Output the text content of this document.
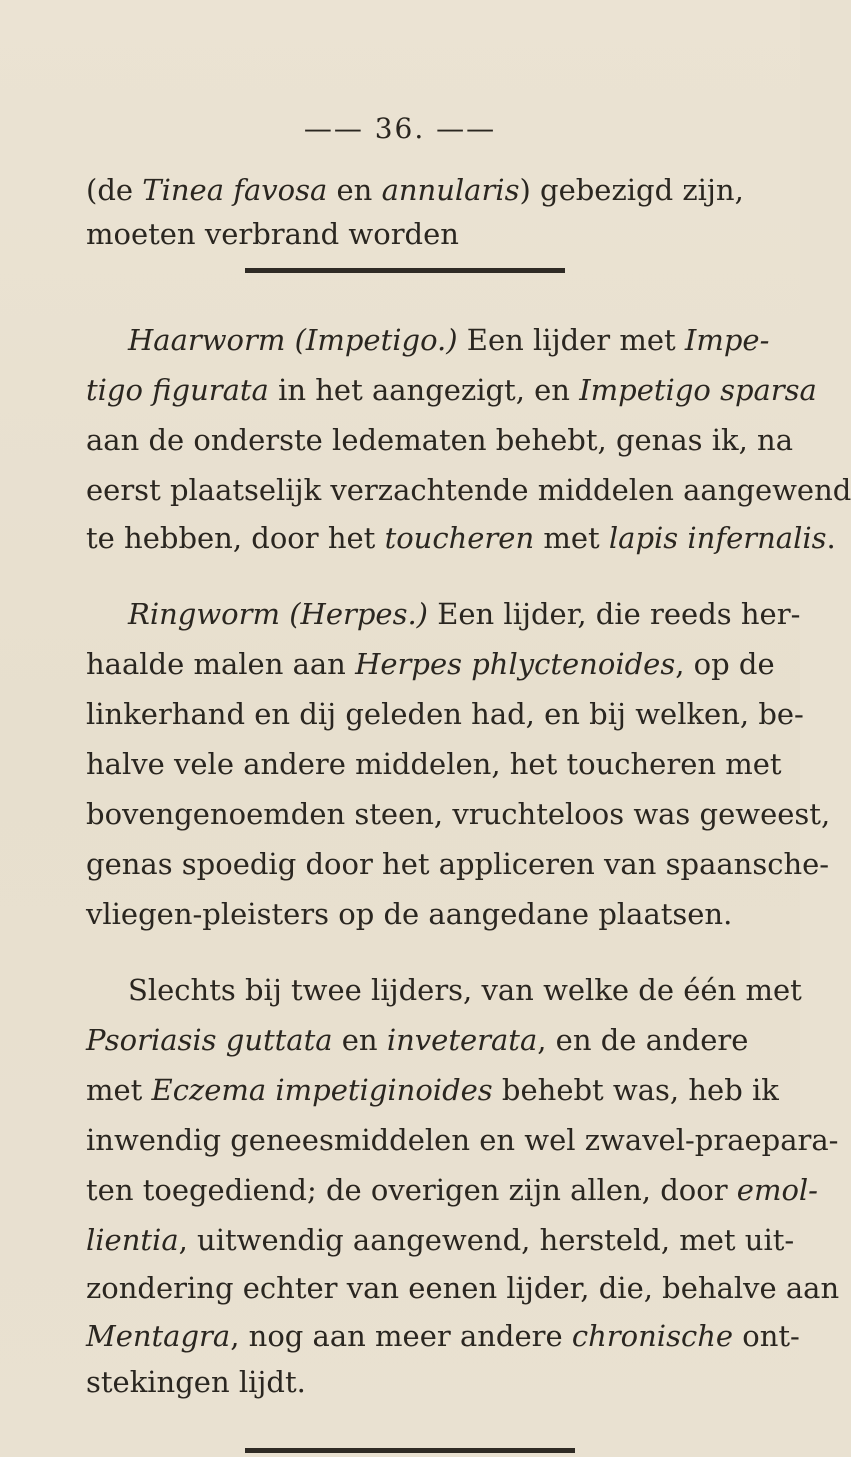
—— 36. ——
(de Tinea favosa en annularis) gebezigd zijn,
moeten verbrand worden
Haarworm (Impetigo.) Een lijder met Impe-
tigo figurata in het aangezigt, en Impetigo sparsa
aan de onderste ledematen behebt, genas ik, na
eerst plaatselijk verzachtende middelen aangewend
te hebben, door het toucheren met lapis infernalis.
Ringworm (Herpes.) Een lijder, die reeds her-
haalde malen aan Herpes phlyctenoides, op de
linkerhand en dij geleden had, en bij welken, be-
halve vele andere middelen, het toucheren met
bovengenoemden steen, vruchteloos was geweest,
genas spoedig door het appliceren van spaansche-
vliegen-pleisters op de aangedane plaatsen.
Slechts bij twee lijders, van welke de één met
Psoriasis guttata en inveterata, en de andere
met Eczema impetiginoides behebt was, heb ik
inwendig geneesmiddelen en wel zwavel-praepara-
ten toegediend; de overigen zijn allen, door emol-
lientia, uitwendig aangewend, hersteld, met uit-
zondering echter van eenen lijder, die, behalve aan
Mentagra, nog aan meer andere chronische ont-
stekingen lijdt.
